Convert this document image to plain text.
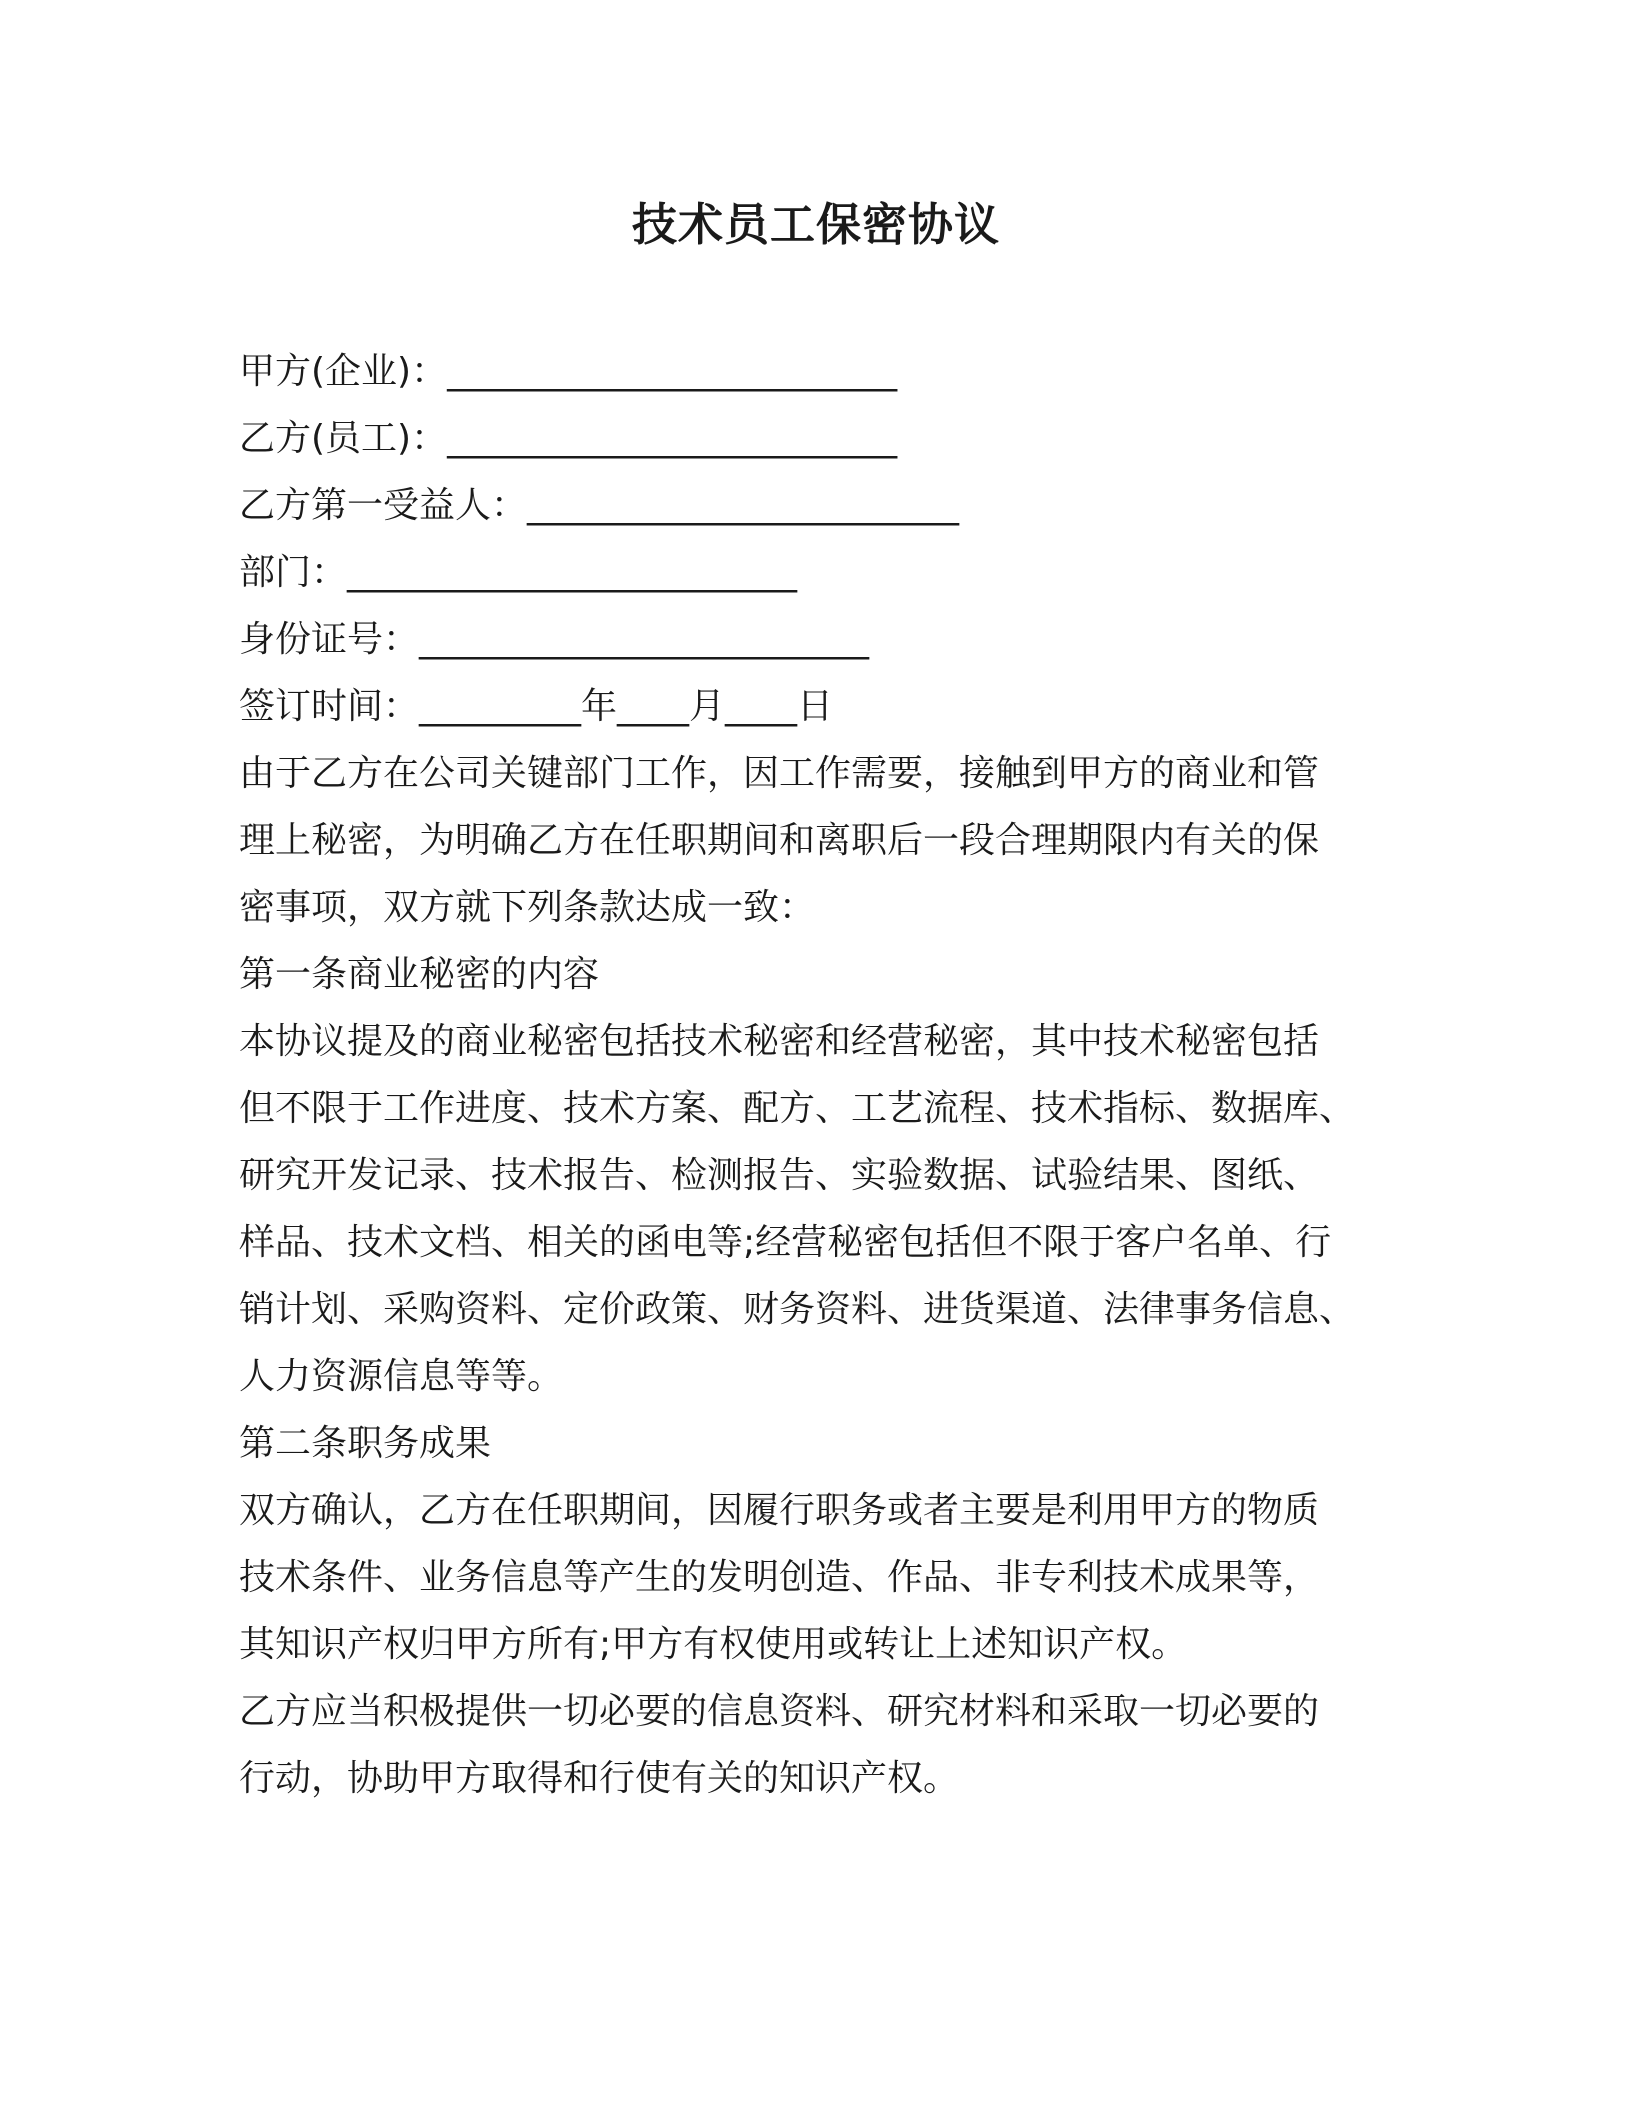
技术员工保密协议
甲方(企业)：_________________________
乙方(员工)：_________________________
乙方第一受益人：________________________
部门：_________________________
身份证号：_________________________
签订时间：_________年____月____日
由于乙方在公司关键部门工作，因工作需要，接触到甲方的商业和管
理上秘密，为明确乙方在任职期间和离职后一段合理期限内有关的保
密事项，双方就下列条款达成一致：
第一条商业秘密的内容
本协议提及的商业秘密包括技术秘密和经营秘密，其中技术秘密包括
但不限于工作进度、技术方案、配方、工艺流程、技术指标、数据库、
研究开发记录、技术报告、检测报告、实验数据、试验结果、图纸、
样品、技术文档、相关的函电等;经营秘密包括但不限于客户名单、行
销计划、采购资料、定价政策、财务资料、进货渠道、法律事务信息、
人力资源信息等等。
第二条职务成果
双方确认，乙方在任职期间，因履行职务或者主要是利用甲方的物质
技术条件、业务信息等产生的发明创造、作品、非专利技术成果等，
其知识产权归甲方所有;甲方有权使用或转让上述知识产权。
乙方应当积极提供一切必要的信息资料、研究材料和采取一切必要的
行动，协助甲方取得和行使有关的知识产权。
